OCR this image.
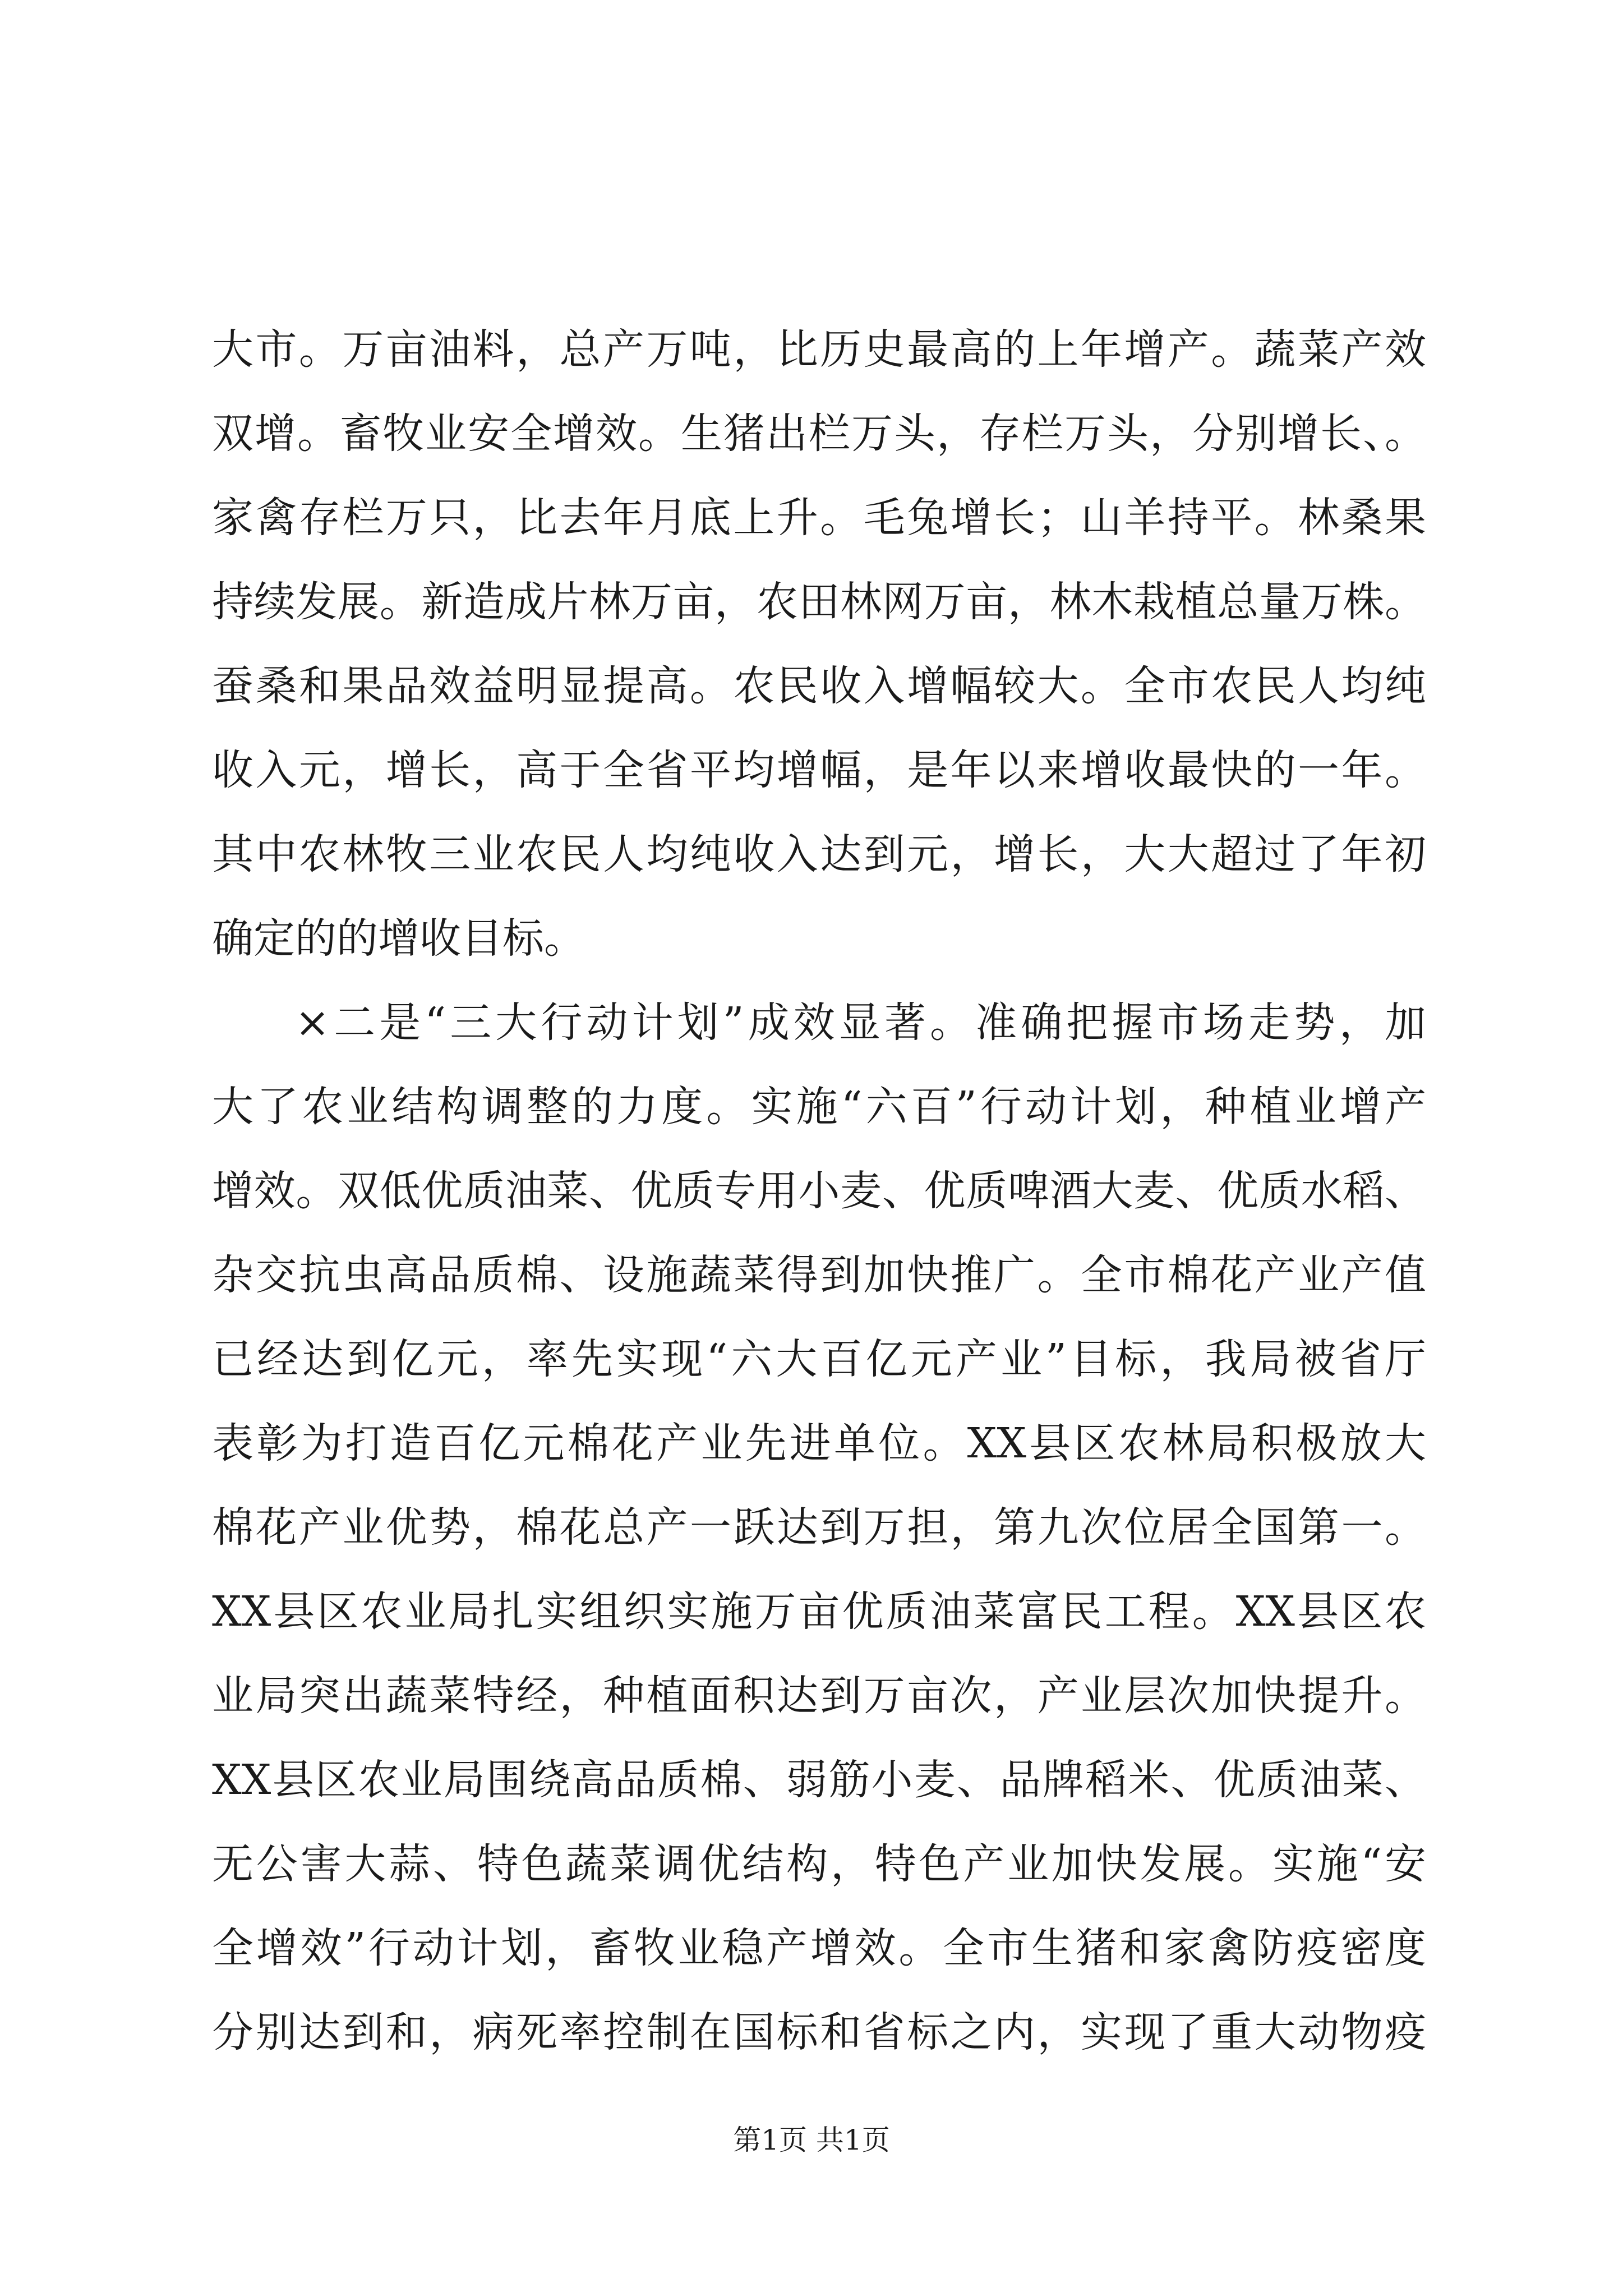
大市。万亩油料，总产万吨，比历史最高的上年增产。蔬菜产效
双增。畜牧业安全增效。生猪出栏万头，存栏万头，分别增长、。
家禽存栏万只，比去年月底上升。毛兔增长；山羊持平。林桑果
持续发展。新造成片林万亩，农田林网万亩，林木栽植总量万株。
蚕桑和果品效益明显提高。农民收入增幅较大。全市农民人均纯
收入元，增长，高于全省平均增幅，是年以来增收最快的一年。
其中农林牧三业农民人均纯收入达到元，增长，大大超过了年初
确定的的增收目标。
×二是“三大行动计划”成效显著。准确把握市场走势，加
大了农业结构调整的力度。实施“六百”行动计划，种植业增产
增效。双低优质油菜、优质专用小麦、优质啤酒大麦、优质水稻、
杂交抗虫高品质棉、设施蔬菜得到加快推广。全市棉花产业产值
已经达到亿元，率先实现“六大百亿元产业”目标，我局被省厅
表彰为打造百亿元棉花产业先进单位。XX县区农林局积极放大
棉花产业优势，棉花总产一跃达到万担，第九次位居全国第一。
XX县区农业局扎实组织实施万亩优质油菜富民工程。XX县区农
业局突出蔬菜特经，种植面积达到万亩次，产业层次加快提升。
XX县区农业局围绕高品质棉、弱筋小麦、品牌稻米、优质油菜、
无公害大蒜、特色蔬菜调优结构，特色产业加快发展。实施“安
全增效”行动计划，畜牧业稳产增效。全市生猪和家禽防疫密度
分别达到和，病死率控制在国标和省标之内，实现了重大动物疫
第1页 共1页
